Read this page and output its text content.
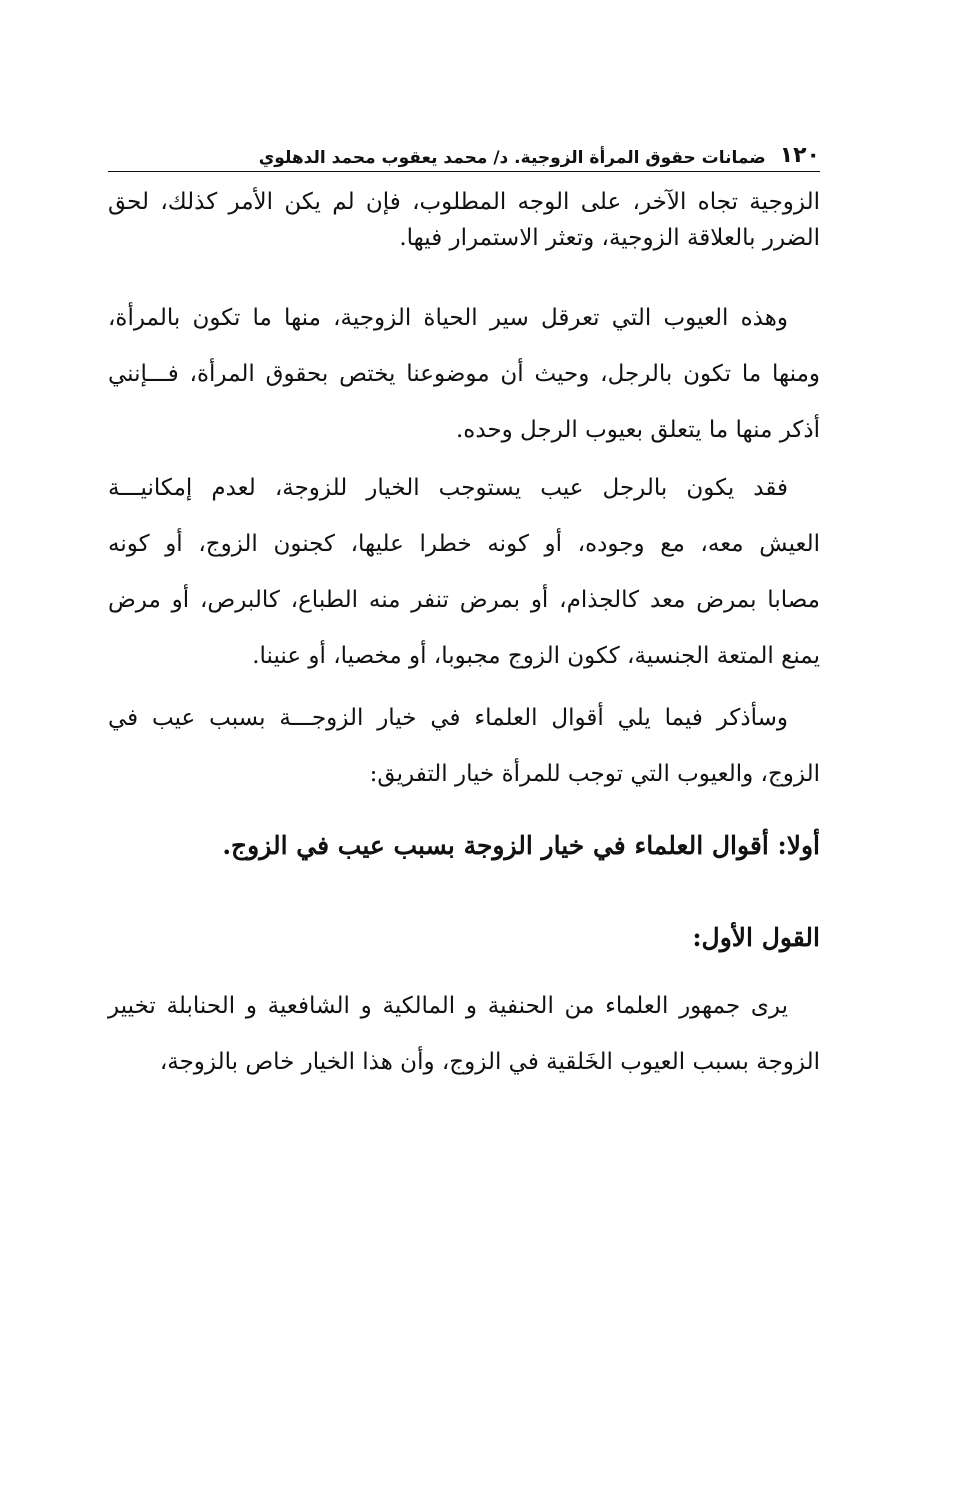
١٢٠
ضمانات حقوق المرأة الزوجية. د/ محمد يعقوب محمد الدهلوي
الزوجية تجاه الآخر، على الوجه المطلوب، فإن لم يكن الأمر كذلك، لحق
الضرر بالعلاقة الزوجية، وتعثر الاستمرار فيها.
وهذه العيوب التي تعرقل سير الحياة الزوجية، منها ما تكون بالمرأة،
ومنها ما تكون بالرجل، وحيث أن موضوعنا يختص بحقوق المرأة، فـــإنني
أذكر منها ما يتعلق بعيوب الرجل وحده.
فقد يكون بالرجل عيب يستوجب الخيار للزوجة، لعدم إمكانيـــة
العيش معه، مع وجوده، أو كونه خطرا عليها، كجنون الزوج، أو كونه
مصابا بمرض معد كالجذام، أو بمرض تنفر منه الطباع، كالبرص، أو مرض
يمنع المتعة الجنسية، ككون الزوج مجبوبا، أو مخصيا، أو عنينا.
وسأذكر فيما يلي أقوال العلماء في خيار الزوجـــة بسبب عيب في
الزوج، والعيوب التي توجب للمرأة خيار التفريق:
أولا: أقوال العلماء في خيار الزوجة بسبب عيب في الزوج.
القول الأول:
يرى جمهور العلماء من الحنفية و المالكية و الشافعية و الحنابلة تخيير
الزوجة بسبب العيوب الخَلقية في الزوج، وأن هذا الخيار خاص بالزوجة،
